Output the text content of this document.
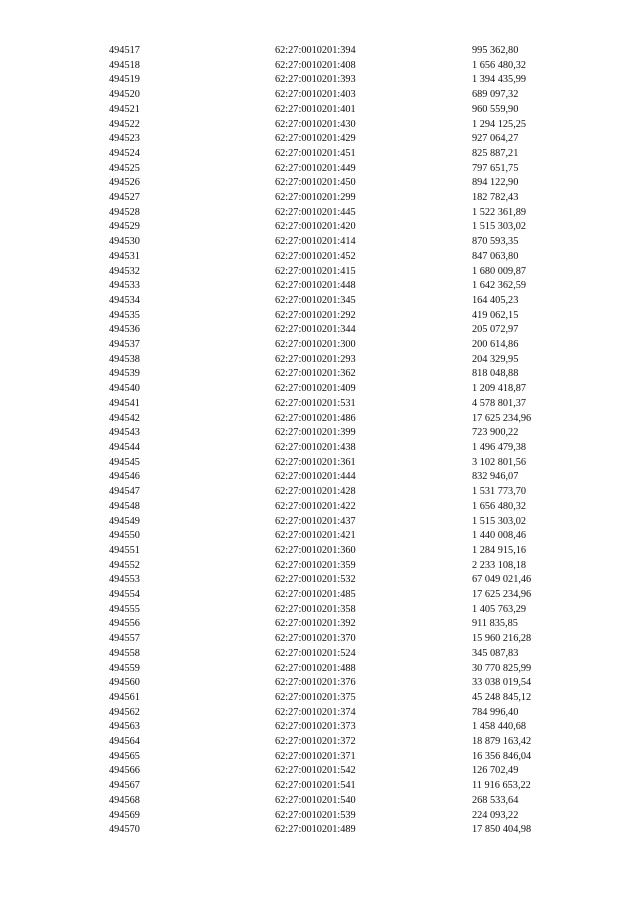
494517	62:27:0010201:394	995 362,80
494518	62:27:0010201:408	1 656 480,32
494519	62:27:0010201:393	1 394 435,99
494520	62:27:0010201:403	689 097,32
494521	62:27:0010201:401	960 559,90
494522	62:27:0010201:430	1 294 125,25
494523	62:27:0010201:429	927 064,27
494524	62:27:0010201:451	825 887,21
494525	62:27:0010201:449	797 651,75
494526	62:27:0010201:450	894 122,90
494527	62:27:0010201:299	182 782,43
494528	62:27:0010201:445	1 522 361,89
494529	62:27:0010201:420	1 515 303,02
494530	62:27:0010201:414	870 593,35
494531	62:27:0010201:452	847 063,80
494532	62:27:0010201:415	1 680 009,87
494533	62:27:0010201:448	1 642 362,59
494534	62:27:0010201:345	164 405,23
494535	62:27:0010201:292	419 062,15
494536	62:27:0010201:344	205 072,97
494537	62:27:0010201:300	200 614,86
494538	62:27:0010201:293	204 329,95
494539	62:27:0010201:362	818 048,88
494540	62:27:0010201:409	1 209 418,87
494541	62:27:0010201:531	4 578 801,37
494542	62:27:0010201:486	17 625 234,96
494543	62:27:0010201:399	723 900,22
494544	62:27:0010201:438	1 496 479,38
494545	62:27:0010201:361	3 102 801,56
494546	62:27:0010201:444	832 946,07
494547	62:27:0010201:428	1 531 773,70
494548	62:27:0010201:422	1 656 480,32
494549	62:27:0010201:437	1 515 303,02
494550	62:27:0010201:421	1 440 008,46
494551	62:27:0010201:360	1 284 915,16
494552	62:27:0010201:359	2 233 108,18
494553	62:27:0010201:532	67 049 021,46
494554	62:27:0010201:485	17 625 234,96
494555	62:27:0010201:358	1 405 763,29
494556	62:27:0010201:392	911 835,85
494557	62:27:0010201:370	15 960 216,28
494558	62:27:0010201:524	345 087,83
494559	62:27:0010201:488	30 770 825,99
494560	62:27:0010201:376	33 038 019,54
494561	62:27:0010201:375	45 248 845,12
494562	62:27:0010201:374	784 996,40
494563	62:27:0010201:373	1 458 440,68
494564	62:27:0010201:372	18 879 163,42
494565	62:27:0010201:371	16 356 846,04
494566	62:27:0010201:542	126 702,49
494567	62:27:0010201:541	11 916 653,22
494568	62:27:0010201:540	268 533,64
494569	62:27:0010201:539	224 093,22
494570	62:27:0010201:489	17 850 404,98
